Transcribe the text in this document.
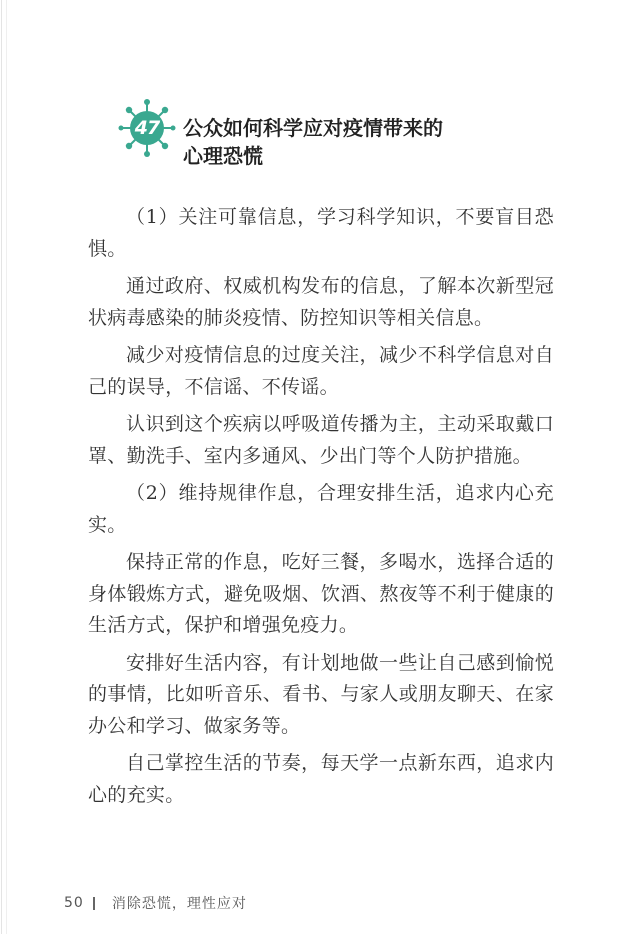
47	公众如何科学应对疫情带来的
心理恐慌

（1）关注可靠信息，学习科学知识，不要盲目恐惧。

通过政府、权威机构发布的信息，了解本次新型冠状病毒感染的肺炎疫情、防控知识等相关信息。

减少对疫情信息的过度关注，减少不科学信息对自己的误导，不信谣、不传谣。

认识到这个疾病以呼吸道传播为主，主动采取戴口罩、勤洗手、室内多通风、少出门等个人防护措施。

（2）维持规律作息，合理安排生活，追求内心充实。

保持正常的作息，吃好三餐，多喝水，选择合适的身体锻炼方式，避免吸烟、饮酒、熬夜等不利于健康的生活方式，保护和增强免疫力。

安排好生活内容，有计划地做一些让自己感到愉悦的事情，比如听音乐、看书、与家人或朋友聊天、在家办公和学习、做家务等。

自己掌控生活的节奏，每天学一点新东西，追求内心的充实。

50 消除恐慌，理性应对
